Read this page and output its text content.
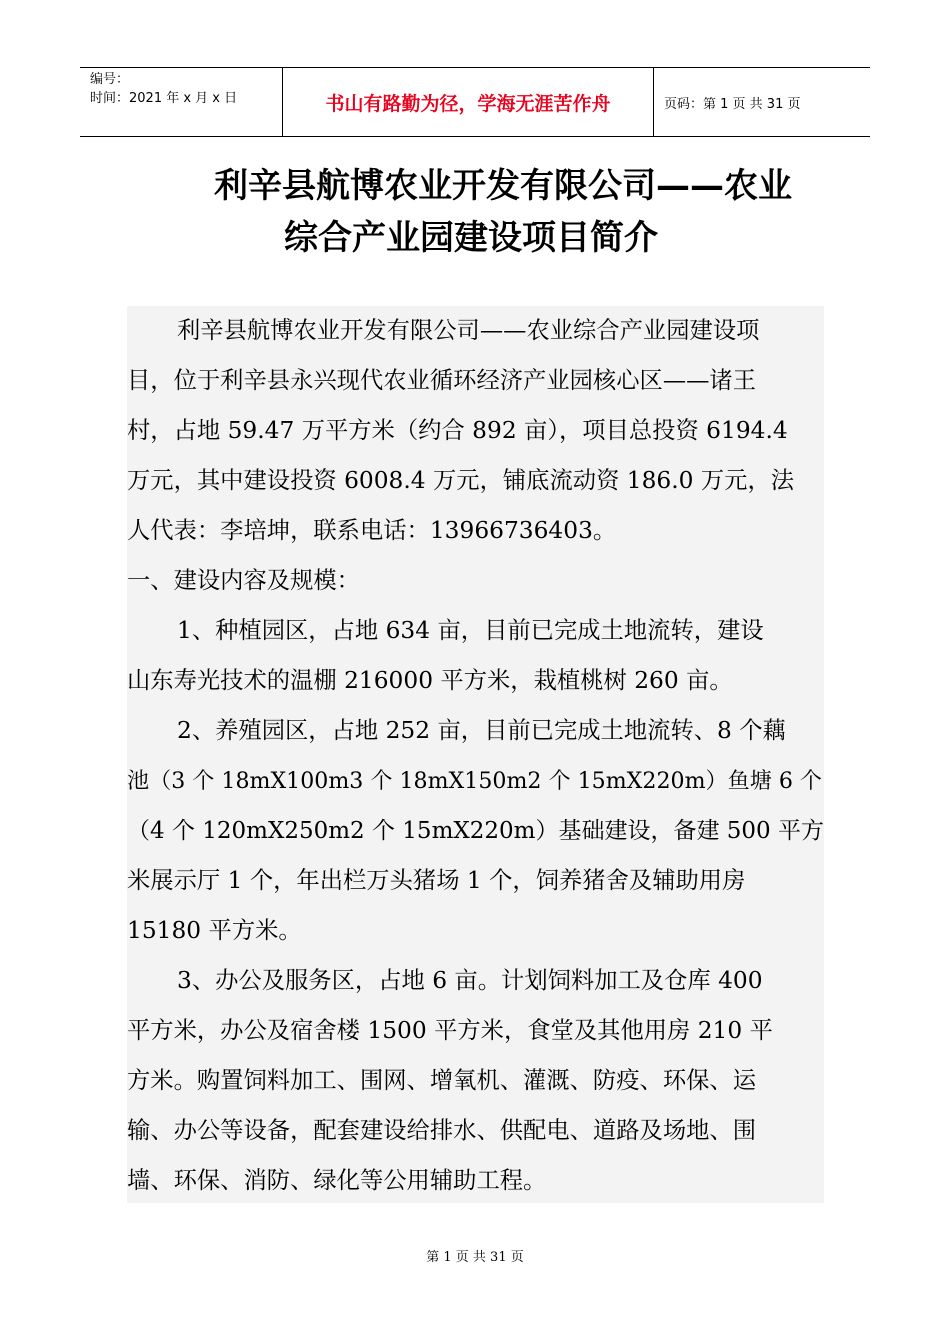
编号：
时间：2021 年 x 月 x 日	书山有路勤为径，学海无涯苦作舟	页码：第 1 页 共 31 页
利辛县航博农业开发有限公司——农业
综合产业园建设项目简介

利辛县航博农业开发有限公司——农业综合产业园建设项
目，位于利辛县永兴现代农业循环经济产业园核心区——诸王
村，占地 59.47 万平方米（约合 892 亩），项目总投资 6194.4
万元，其中建设投资 6008.4 万元，铺底流动资 186.0 万元，法
人代表：李培坤，联系电话：13966736403。

一、建设内容及规模：

1、种植园区，占地 634 亩，目前已完成土地流转，建设
山东寿光技术的温棚 216000 平方米，栽植桃树 260 亩。

2、养殖园区，占地 252 亩，目前已完成土地流转、8 个藕
池（3 个 18mX100m3 个 18mX150m2 个 15mX220m）鱼塘 6 个
（4 个 120mX250m2 个 15mX220m）基础建设，备建 500 平方
米展示厅 1 个，年出栏万头猪场 1 个，饲养猪舍及辅助用房
15180 平方米。

3、办公及服务区，占地 6 亩。计划饲料加工及仓库 400
平方米，办公及宿舍楼 1500 平方米，食堂及其他用房 210 平
方米。购置饲料加工、围网、增氧机、灌溉、防疫、环保、运
输、办公等设备，配套建设给排水、供配电、道路及场地、围
墙、环保、消防、绿化等公用辅助工程。

第 1 页 共 31 页
